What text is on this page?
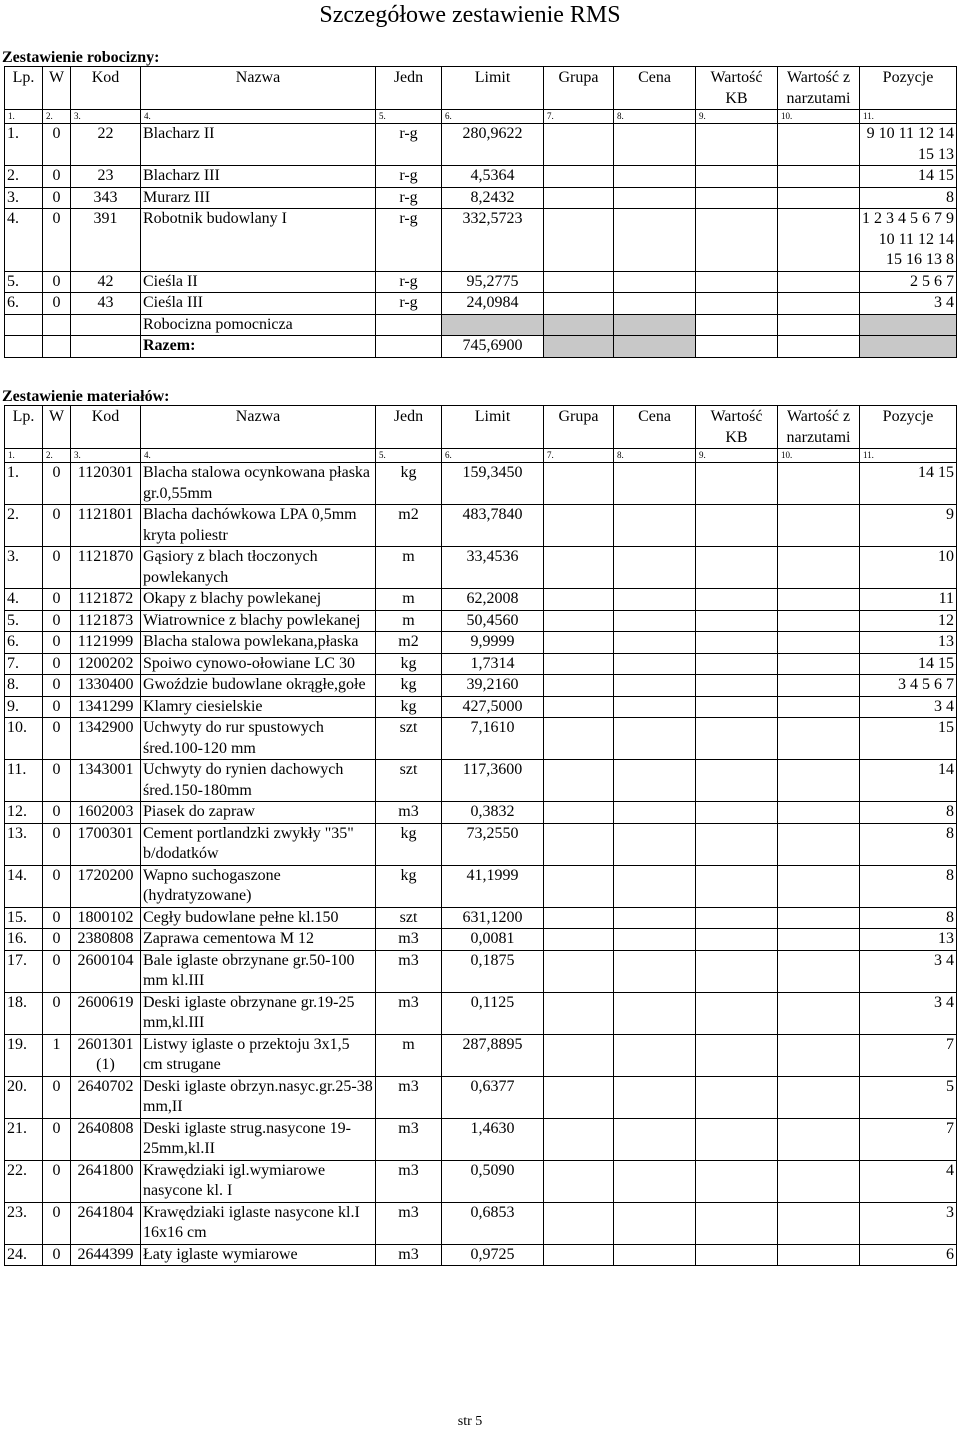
Szczegółowe zestawienie RMS
Zestawienie robocizny:
Lp.	W	Kod	Nazwa	Jedn	Limit	Grupa	Cena	Wartość KB	Wartość z narzutami	Pozycje
1.	2.	3.	4.	5.	6.	7.	8.	9.	10.	11.
1.	0	22	Blacharz II	r-g	280,9622					9 10 11 12 14 15 13
2.	0	23	Blacharz III	r-g	4,5364					14 15
3.	0	343	Murarz III	r-g	8,2432					8
4.	0	391	Robotnik budowlany I	r-g	332,5723					1 2 3 4 5 6 7 9 10 11 12 14 15 16 13 8
5.	0	42	Cieśla II	r-g	95,2775					2 5 6 7
6.	0	43	Cieśla III	r-g	24,0984					3 4
			Robocizna pomocnicza							
			Razem:		745,6900					
Zestawienie materiałów:
Lp.	W	Kod	Nazwa	Jedn	Limit	Grupa	Cena	Wartość KB	Wartość z narzutami	Pozycje
1.	2.	3.	4.	5.	6.	7.	8.	9.	10.	11.
1.	0	1120301	Blacha stalowa ocynkowana płaska gr.0,55mm	kg	159,3450					14 15
2.	0	1121801	Blacha dachówkowa LPA 0,5mm kryta poliestr	m2	483,7840					9
3.	0	1121870	Gąsiory z blach tłoczonych powlekanych	m	33,4536					10
4.	0	1121872	Okapy z blachy powlekanej	m	62,2008					11
5.	0	1121873	Wiatrownice z blachy powlekanej	m	50,4560					12
6.	0	1121999	Blacha stalowa powlekana,płaska	m2	9,9999					13
7.	0	1200202	Spoiwo cynowo-ołowiane LC 30	kg	1,7314					14 15
8.	0	1330400	Gwoździe budowlane okrągłe,gołe	kg	39,2160					3 4 5 6 7
9.	0	1341299	Klamry ciesielskie	kg	427,5000					3 4
10.	0	1342900	Uchwyty do rur spustowych śred.100-120 mm	szt	7,1610					15
11.	0	1343001	Uchwyty do rynien dachowych śred.150-180mm	szt	117,3600					14
12.	0	1602003	Piasek do zapraw	m3	0,3832					8
13.	0	1700301	Cement portlandzki zwykły "35" b/dodatków	kg	73,2550					8
14.	0	1720200	Wapno suchogaszone (hydratyzowane)	kg	41,1999					8
15.	0	1800102	Cegły budowlane pełne kl.150	szt	631,1200					8
16.	0	2380808	Zaprawa cementowa M 12	m3	0,0081					13
17.	0	2600104	Bale iglaste obrzynane gr.50-100 mm kl.III	m3	0,1875					3 4
18.	0	2600619	Deski iglaste obrzynane gr.19-25 mm,kl.III	m3	0,1125					3 4
19.	1	2601301 (1)	Listwy iglaste o przektoju 3x1,5 cm strugane	m	287,8895					7
20.	0	2640702	Deski iglaste obrzyn.nasyc.gr.25-38 mm,II	m3	0,6377					5
21.	0	2640808	Deski iglaste strug.nasycone 19-25mm,kl.II	m3	1,4630					7
22.	0	2641800	Krawędziaki igl.wymiarowe nasycone kl. I	m3	0,5090					4
23.	0	2641804	Krawędziaki iglaste nasycone kl.I 16x16 cm	m3	0,6853					3
24.	0	2644399	Łaty iglaste wymiarowe	m3	0,9725					6
str 5
